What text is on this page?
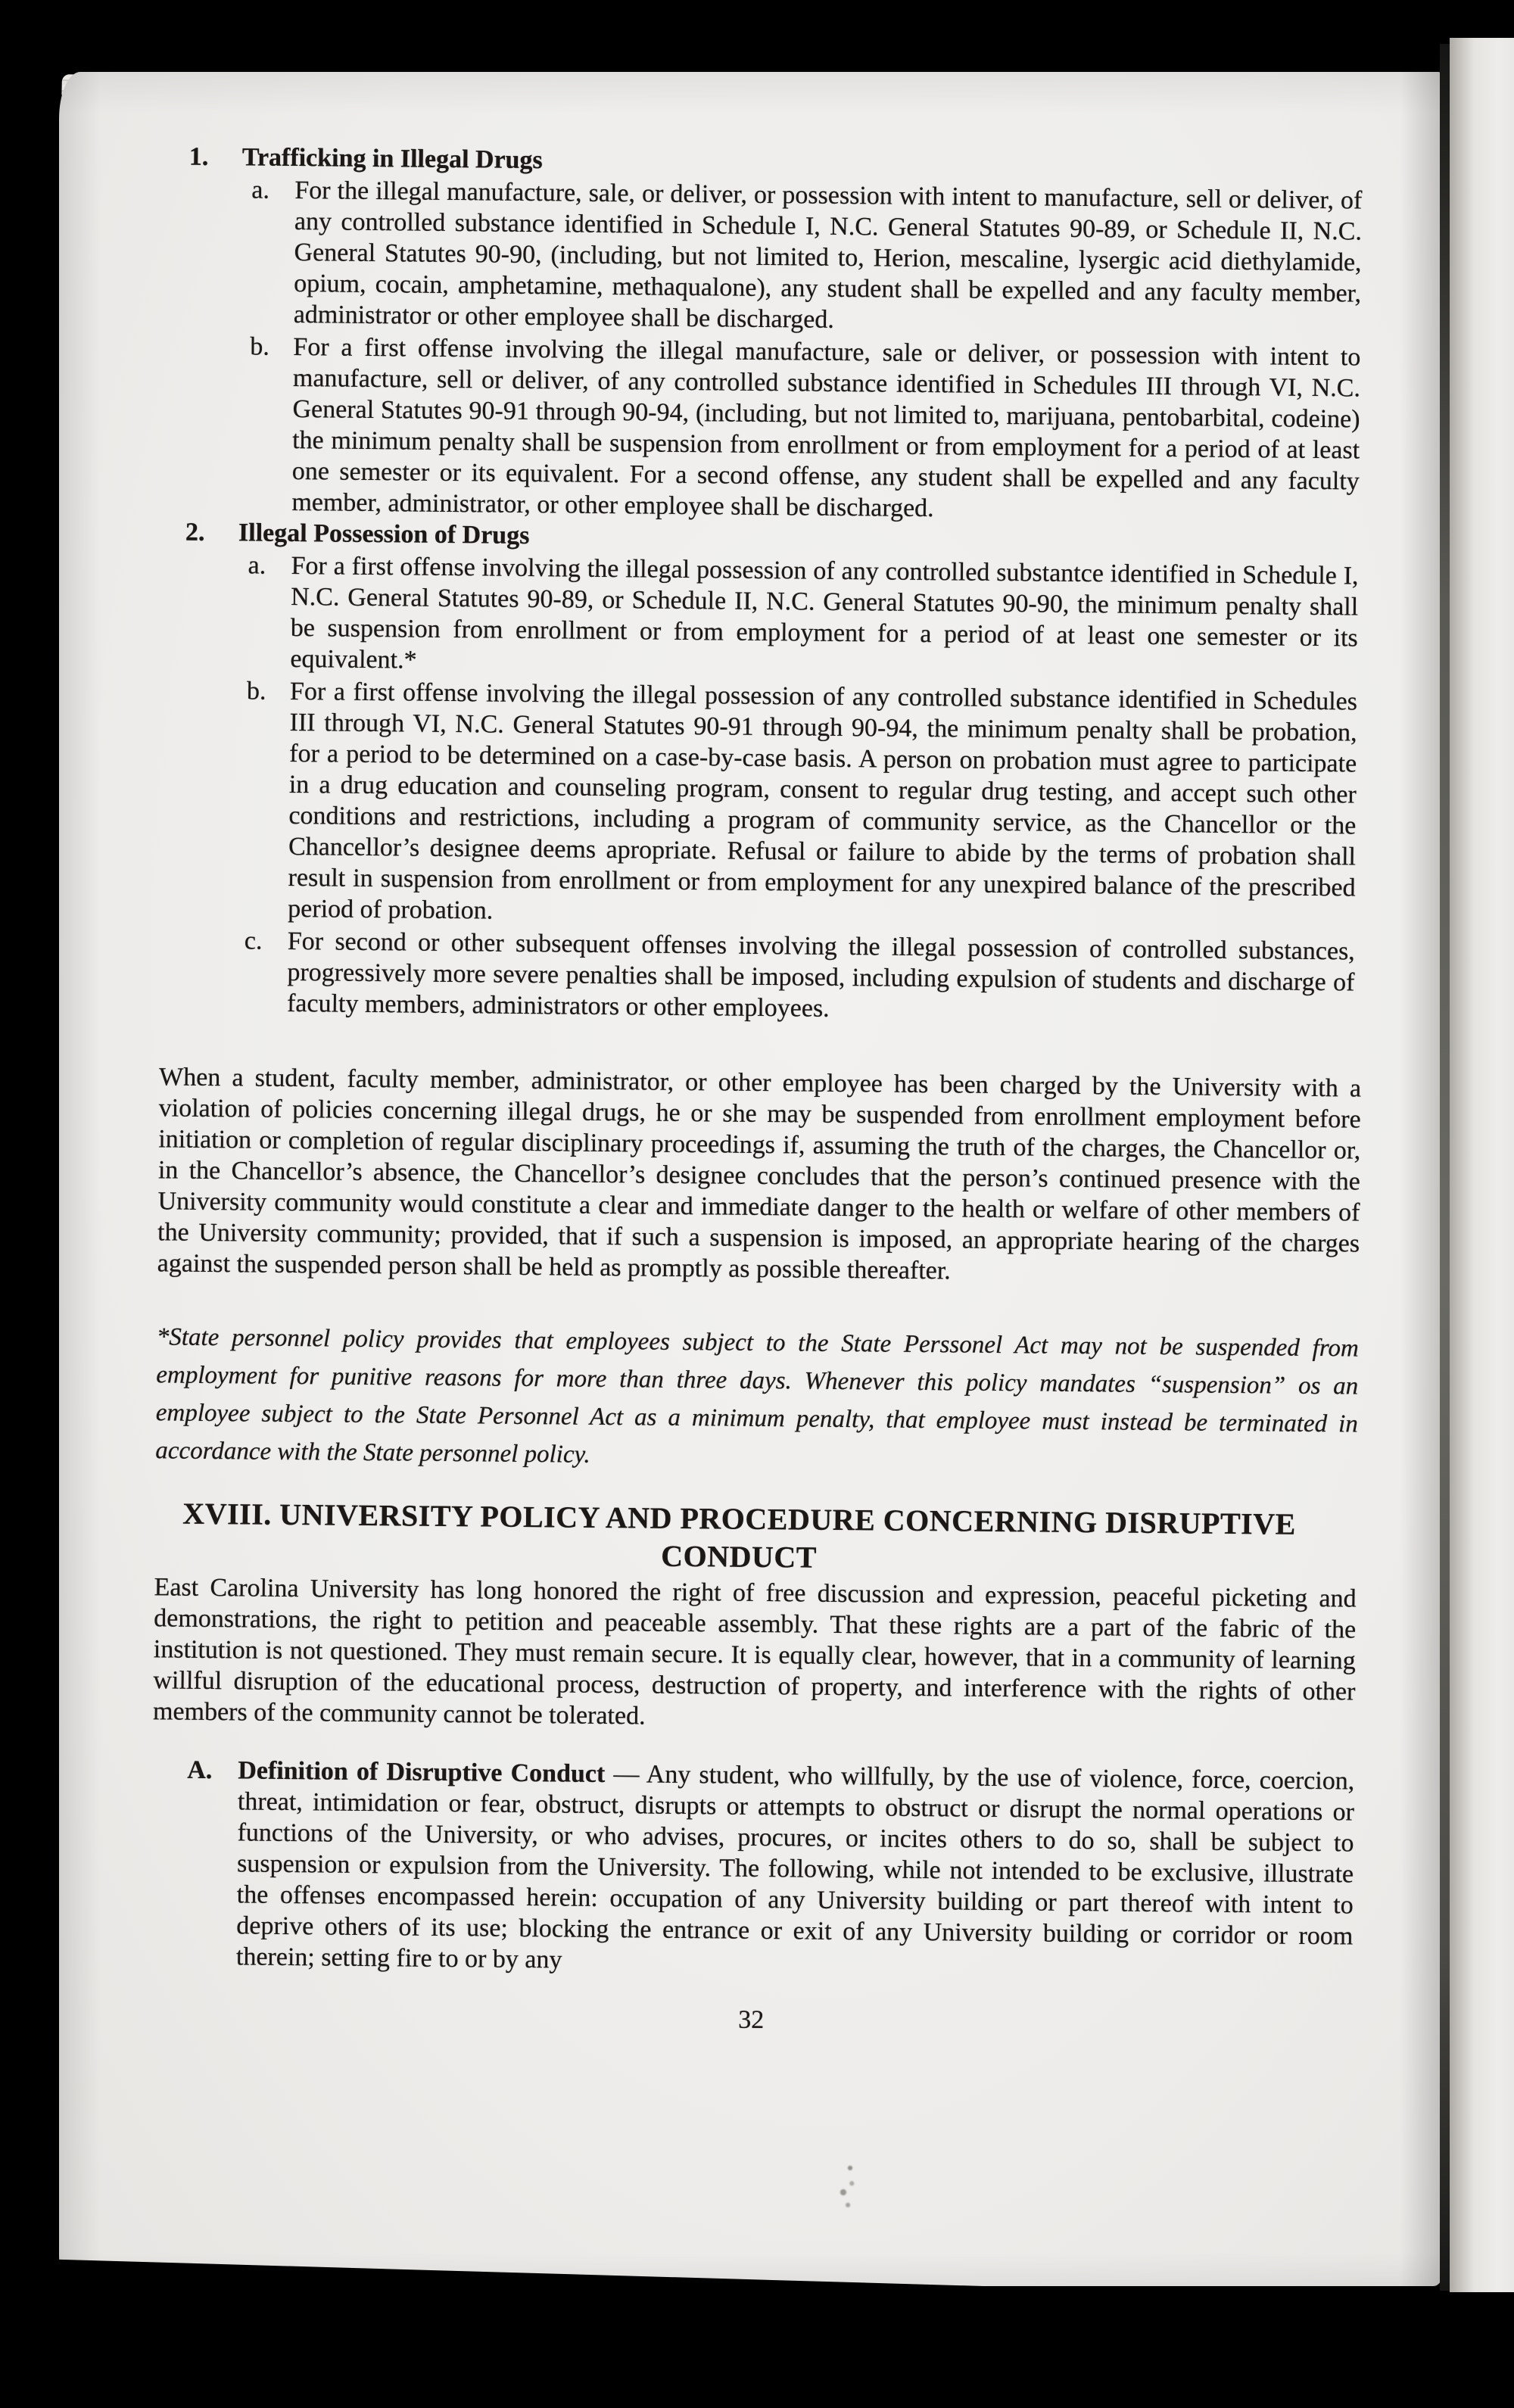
1.	Trafficking in Illegal Drugs
a. For the illegal manufacture, sale, or deliver, or possession with intent to manufacture, sell or deliver, of any controlled substance identified in Schedule I, N.C. General Statutes 90-89, or Schedule II, N.C. General Statutes 90-90, (including, but not limited to, Herion, mescaline, lysergic acid diethylamide, opium, cocain, amphetamine, methaqualone), any student shall be expelled and any faculty member, administrator or other employee shall be discharged.
b. For a first offense involving the illegal manufacture, sale or deliver, or possession with intent to manufacture, sell or deliver, of any controlled substance identified in Schedules III through VI, N.C. General Statutes 90-91 through 90-94, (including, but not limited to, marijuana, pentobarbital, codeine) the minimum penalty shall be suspension from enrollment or from employment for a period of at least one semester or its equivalent. For a second offense, any student shall be expelled and any faculty member, administrator, or other employee shall be discharged.
2.	Illegal Possession of Drugs
a. For a first offense involving the illegal possession of any controlled substantce identified in Schedule I, N.C. General Statutes 90-89, or Schedule II, N.C. General Statutes 90-90, the minimum penalty shall be suspension from enrollment or from employment for a period of at least one semester or its equivalent.*
b. For a first offense involving the illegal possession of any controlled substance identified in Schedules III through VI, N.C. General Statutes 90-91 through 90-94, the minimum penalty shall be probation, for a period to be determined on a case-by-case basis. A person on probation must agree to participate in a drug education and counseling program, consent to regular drug testing, and accept such other conditions and restrictions, including a program of community service, as the Chancellor or the Chancellor’s designee deems apropriate. Refusal or failure to abide by the terms of probation shall result in suspension from enrollment or from employment for any unexpired balance of the prescribed period of probation.
c. For second or other subsequent offenses involving the illegal possession of controlled substances, progressively more severe penalties shall be imposed, including expulsion of students and discharge of faculty members, administrators or other employees.

When a student, faculty member, administrator, or other employee has been charged by the University with a violation of policies concerning illegal drugs, he or she may be suspended from enrollment employment before initiation or completion of regular disciplinary proceedings if, assuming the truth of the charges, the Chancellor or, in the Chancellor’s absence, the Chancellor’s designee concludes that the person’s continued presence with the University community would constitute a clear and immediate danger to the health or welfare of other members of the University community; provided, that if such a suspension is imposed, an appropriate hearing of the charges against the suspended person shall be held as promptly as possible thereafter.

*State personnel policy provides that employees subject to the State Perssonel Act may not be suspended from employment for punitive reasons for more than three days. Whenever this policy mandates “suspension” os an employee subject to the State Personnel Act as a minimum penalty, that employee must instead be terminated in accordance with the State personnel policy.

XVIII. UNIVERSITY POLICY AND PROCEDURE CONCERNING DISRUPTIVE
CONDUCT

East Carolina University has long honored the right of free discussion and expression, peaceful picketing and demonstrations, the right to petition and peaceable assembly. That these rights are a part of the fabric of the institution is not questioned. They must remain secure. It is equally clear, however, that in a community of learning willful disruption of the educational process, destruction of property, and interference with the rights of other members of the community cannot be tolerated.

A. Definition of Disruptive Conduct — Any student, who willfully, by the use of violence, force, coercion, threat, intimidation or fear, obstruct, disrupts or attempts to obstruct or disrupt the normal operations or functions of the University, or who advises, procures, or incites others to do so, shall be subject to suspension or expulsion from the University. The following, while not intended to be exclusive, illustrate the offenses encompassed herein: occupation of any University building or part thereof with intent to deprive others of its use; blocking the entrance or exit of any University building or corridor or room therein; setting fire to or by any
32
